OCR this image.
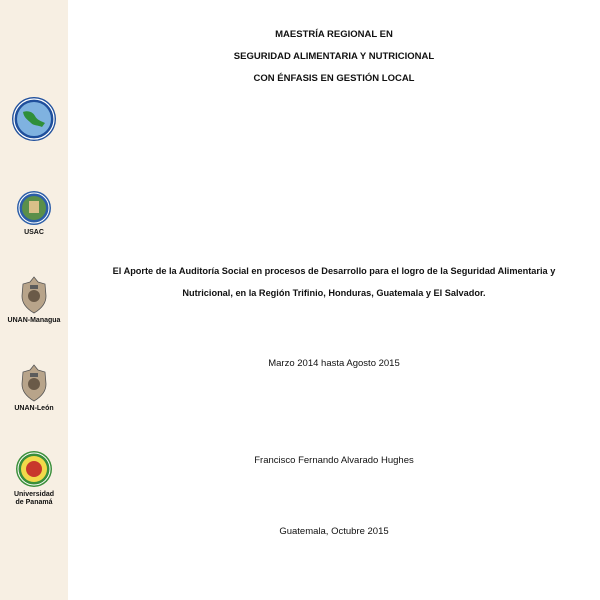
USAC
UNAN-Managua
UNAN-León
Universidad
de Panamá
MAESTRÍA REGIONAL EN
SEGURIDAD ALIMENTARIA Y NUTRICIONAL
CON ÉNFASIS EN GESTIÓN LOCAL
El Aporte de la Auditoría Social en procesos de Desarrollo para el logro de la Seguridad Alimentaria y
Nutricional, en la Región Trifinio, Honduras, Guatemala y El Salvador.
Marzo 2014 hasta Agosto 2015
Francisco Fernando Alvarado Hughes
Guatemala, Octubre 2015
